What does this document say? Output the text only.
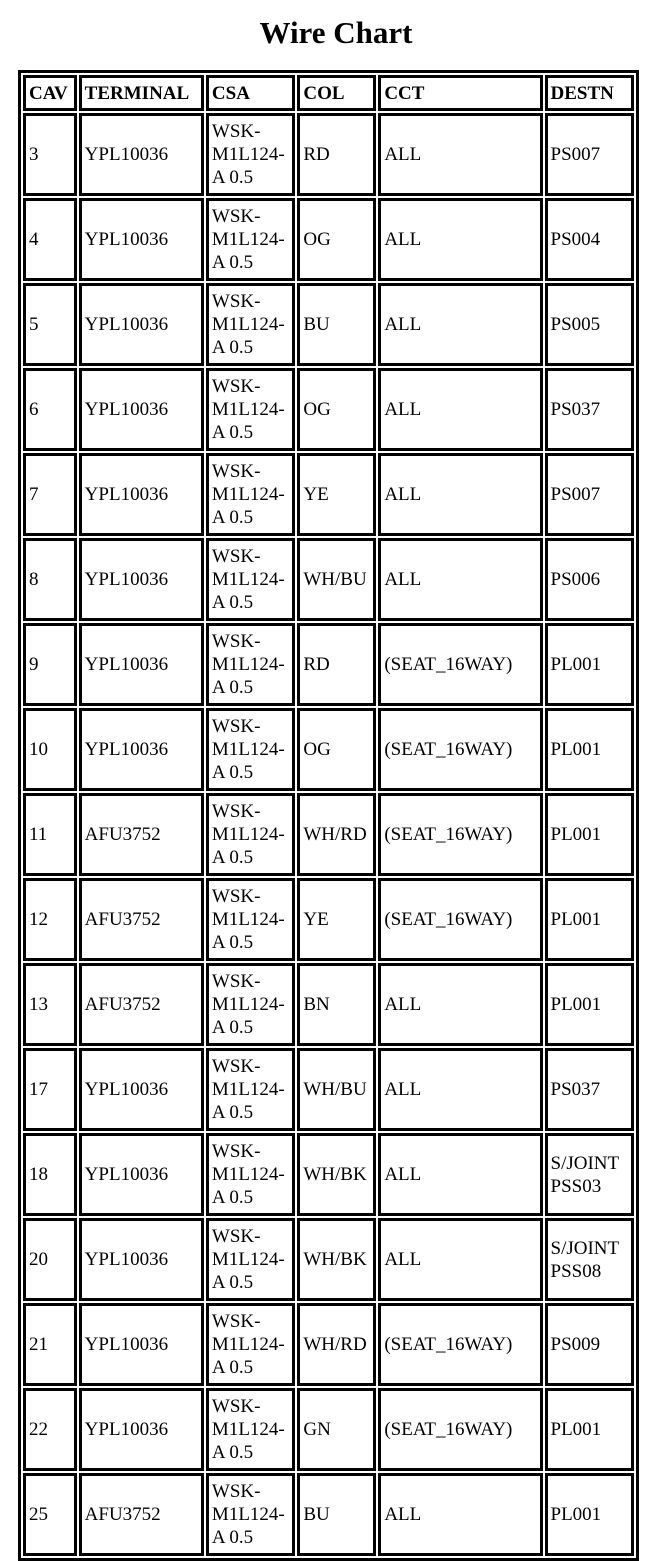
Wire Chart
CAV	TERMINAL	CSA	COL	CCT	DESTN
3	YPL10036	WSK-
M1L124-
A 0.5	RD	ALL	PS007

4	YPL10036	WSK-
M1L124-
A 0.5	OG	ALL	PS004

5	YPL10036	WSK-
M1L124-
A 0.5	BU	ALL	PS005

6	YPL10036	WSK-
M1L124-
A 0.5	OG	ALL	PS037

7	YPL10036	WSK-
M1L124-
A 0.5	YE	ALL	PS007

8	YPL10036	WSK-
M1L124-
A 0.5	WH/BU	ALL	PS006

9	YPL10036	WSK-
M1L124-
A 0.5	RD	(SEAT_16WAY)	PL001

10	YPL10036	WSK-
M1L124-
A 0.5	OG	(SEAT_16WAY)	PL001

11	AFU3752	WSK-
M1L124-
A 0.5	WH/RD	(SEAT_16WAY)	PL001

12	AFU3752	WSK-
M1L124-
A 0.5	YE	(SEAT_16WAY)	PL001

13	AFU3752	WSK-
M1L124-
A 0.5	BN	ALL	PL001

17	YPL10036	WSK-
M1L124-
A 0.5	WH/BU	ALL	PS037

18	YPL10036	WSK-
M1L124-
A 0.5	WH/BK	ALL	S/JOINT
PSS03

20	YPL10036	WSK-
M1L124-
A 0.5	WH/BK	ALL	S/JOINT
PSS08

21	YPL10036	WSK-
M1L124-
A 0.5	WH/RD	(SEAT_16WAY)	PS009

22	YPL10036	WSK-
M1L124-
A 0.5	GN	(SEAT_16WAY)	PL001

25	AFU3752	WSK-
M1L124-
A 0.5	BU	ALL	PL001
